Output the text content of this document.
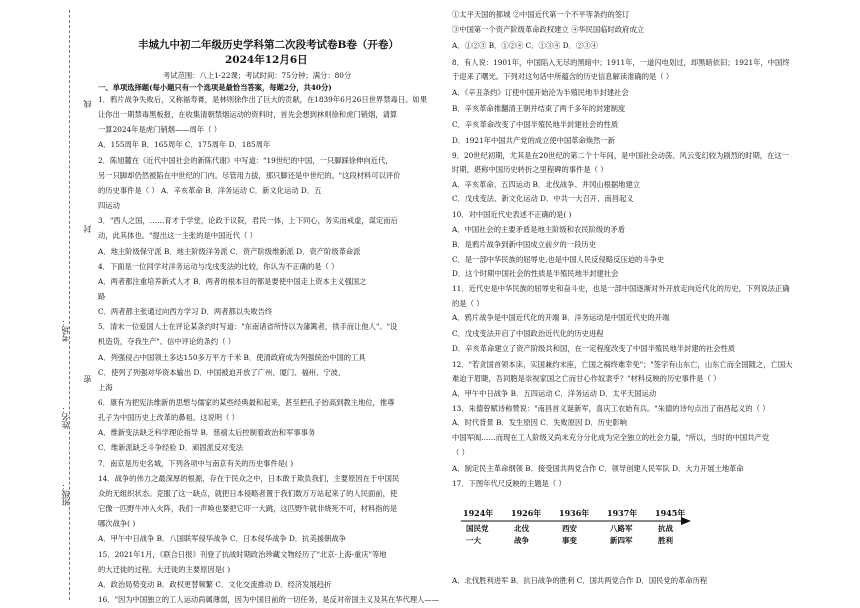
线
封
密
考场：
姓名：
班级：
丰城九中初二年级历史学科第二次段考试卷B卷（开卷）
2024年12月6日
考试范围：八上1-22课；考试时间：75分钟；满分：80分
一、单项选择题(每小题只有一个选项是最恰当答案，每题2分，共40分)
1．鸦片战争失败后，又称福寿膏，是林则徐作出了巨大的贡献，在1839年6月26日世界禁毒日。如果
让你出一期禁毒黑板报，在收集清朝禁烟运动的资料时，首先会想到林则徐和虎门销烟，请算
一算2024年是虎门销烟——周年（ ）
A．155周年 B．165周年 C．175周年 D．185周年
2．陈旭麓在《近代中国社会的新陈代谢》中写道："19世纪的中国，一只脚踩徐伸向近代，
另一只脚却仍然被陷在中世纪的门内。尽管用力拔，那只脚还是中世纪的。"这段材料可以评价
的历史事件是（ ） A．辛亥革命 B．洋务运动 C．新文化运动 D．五
四运动
3．"西人之国，……育才于学堂，论政于议院，君民一体，上下同心，务实而戒虚，谋定而后
动，此其体也。"提出这一主张的是中国近代（ ）
A．地主阶级保守派 B．地主阶级洋务派 C．资产阶级维新派 D．资产阶级革命派
4．下面是一位同学对洋务运动与戊戌变法的比较，你认为不正确的是（ ）
A．两者都注重培养新式人才 B．两者的根本目的都是要使中国走上资本主义强国之
路
C．两者都主张通过向西方学习 D．两者都以失败告终
5．清末一位爱国人士在评论某条约时写道："东南诸省所恃以为藩篱者，拱手而让他人"。"设
机造货，夺我生产"。信中评论的条约（ ）
A．列强侵占中国领土多达150多万平方千米 B．使清政府成为列强统治中国的工具
C．使列了列强对华资本输出 D．中国被迫开放了广州、厦门、福州、宁波、
上海
6．康有为把宪法维新的思想与儒家的某些经典最和起来，甚至把孔子抬高到教主地位，推尊
孔子为中国历史上改革的鼻祖。这说明（ ）
A．维新变法缺乏科学理论指导 B．慈禧太后控制着政治和军事事务
C．维新派缺乏斗争经验 D．顽固派反对变法
7．南京是历史名城，下列各项中与南京有关的历史事件是( )
14．战争的伟力之最深厚的根源，存在于民众之中，日本敢于欺负我们，主要原因在于中国民
众的无组织状态。克服了这一缺点，就把日本侵略者置于我们数万万站起来了的人民面前，使
它像一匹野牛冲入火阵，我们一声唤也要把它吓一大跳，这匹野牛就非烧死不可，材料指的是
哪次战争( )
A．甲午中日战争 B．八国联军侵华战争 C．日本侵华战争 D．抗美援朝战争
15．2021年1月，《联合日报》刊登了抗战时期政治珍藏文物经历了"北京-上海-重庆"等地
的大迁徙的过程。大迁徙的主要原因是( )
A．政治局势变动 B．政权更替频繁 C．文化交流推动 D．经济发展趋折
16．"因为中国独立的工人运动尚属薄弱，因为中国目前的一切任务，是反对帝国主义及其在华代理人——
①太平天国的都城 ②中国近代第一个不平等条约的签订
③中国第一个资产阶级革命政权建立 ④华民国临时政府成立
A．①②③ B．①②④ C．①③④ D．②③④
8．有人说：1901年，中国陷入无尽的黑暗中；1911年，一道闪电划过，却黑暗依旧；1921年，中国终
于迎来了曙光。下列对这句话中所蕴含的历史信息解读准确的是（ ）
A．《辛丑条约》订使中国开始沦为半殖民地半封建社会
B．辛亥革命推翻清王朝并结束了两千多年的封建制度
C．辛亥革命改变了中国半殖民地半封建社会的性质
D．1921年中国共产党的成立使中国革命焕然一新
9．20世纪初期，尤其是在20世纪的第二个十年间，是中国社会动荡、风云变幻较为剧烈的时期，在这一
时期，堪称中国历史转折之里程碑的事件是（ ）
A．辛亥革命、五四运动 B．北伐战争、井冈山根据地建立
C．戊戌变法、新文化运动 D．中共一大召开、南昌起义
10．对中国近代史表述不正确的是( )
A．中国社会的主要矛盾是地主阶级和农民阶级的矛盾
B．是鸦片战争到新中国成立前夕的一段历史
C．是一部中华民族的屈辱史,也是中国人民反侵略反压迫的斗争史
D．这个时期中国社会的性质是半殖民地半封建社会
11．近代史是中华民族的屈辱史和奋斗史，也是一部中国逐渐对外开放走向近代化的历史，下列说法正确
的是（ ）
A．鸦片战争是中国近代化的开端 B．洋务运动是中国近代史的开端
C．戊戌变法开启了中国政治近代化的历史进程
D．辛亥革命建立了资产阶级共和国，在一定程度改变了中国半殖民地半封建的社会性质
12．"若贪国首领本床，实国兼约末座，亡国之祸终难幸免"；"签字有山东亡，山东亡而全国随之，亡国大
难迫于眉睫，吾同胞是崇视家国之亡而甘心作奴隶乎？"材料反映的历史事件是（ ）
A．甲午中日战争 B．五四运动 C．洋务运动 D．太平天国运动
13．朱德曾赋诗称赞说："南昌首义诞新军，喜庆工农始有兵。"朱德的诗句点出了南昌起义的（ ）
A．时代背景 B．发生原因 C．失败原因 D．历史影响
中国军阀……而现在工人阶级又尚未充分分化成为完全独立的社会力量，"所以，当时的中国共产党
（ ）
A．制定民主革命纲领 B．接受国共两党合作 C．领导创建人民军队 D．大力开展土地革命
17．下图年代尺反映的主题是（ ）
A．北伐胜利进军 B．抗日战争的胜利 C．国共两党合作 D．国民党的革命历程
1924年
国民党
一大
1926年
北伐
战争
1936年
西安
事变
1937年
八路军
新四军
1945年
抗战
胜利
